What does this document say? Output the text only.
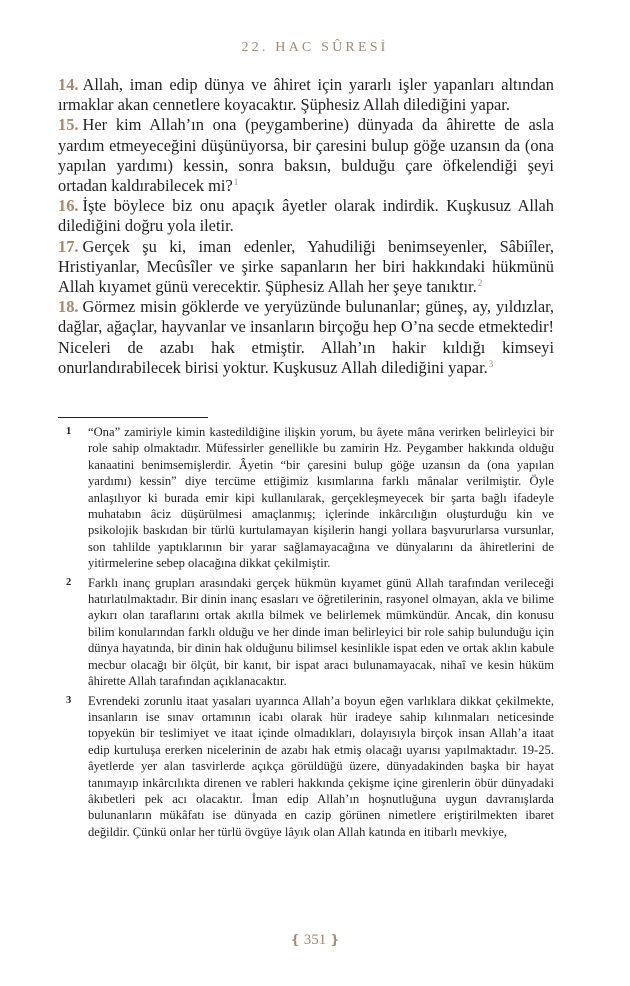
22. HAC SÛRESİ

14. Allah, iman edip dünya ve âhiret için yararlı işler yapanları altından ırmaklar akan cennetlere koyacaktır. Şüphesiz Allah dilediğini yapar.

15. Her kim Allah’ın ona (peygamberine) dünyada da âhirette de asla yardım etmeyeceğini düşünüyorsa, bir çaresini bulup göğe uzansın da (ona yapılan yardımı) kessin, sonra baksın, bulduğu çare öfkelendiği şeyi ortadan kaldırabilecek mi?$^1$

16. İşte böylece biz onu apaçık âyetler olarak indirdik. Kuşkusuz Allah dilediğini doğru yola iletir.

17. Gerçek şu ki, iman edenler, Yahudiliği benimseyenler, Sâbiîler, Hristiyanlar, Mecûsîler ve şirke sapanların her biri hakkındaki hükmünü Allah kıyamet günü verecektir. Şüphesiz Allah her şeye tanıktır.$^2$

18. Görmez misin göklerde ve yeryüzünde bulunanlar; güneş, ay, yıldızlar, dağlar, ağaçlar, hayvanlar ve insanların birçoğu hep O’na secde etmektedir! Niceleri de azabı hak etmiştir. Allah’ın hakir kıldığı kimseyi onurlandırabilecek birisi yoktur. Kuşkusuz Allah dilediğini yapar.$^3$

1 “Ona” zamiriyle kimin kastedildiğine ilişkin yorum, bu âyete mâna verirken belirleyici bir role sahip olmaktadır. Müfessirler genellikle bu zamirin Hz. Peygamber hakkında olduğu kanaatini benimsemişlerdir. Âyetin “bir çaresini bulup göğe uzansın da (ona yapılan yardımı) kessin” diye tercüme ettiğimiz kısımlarına farklı mânalar verilmiştir. Öyle anlaşılıyor ki burada emir kipi kullanılarak, gerçekleşmeyecek bir şarta bağlı ifadeyle muhatabın âciz düşürülmesi amaçlanmış; içlerinde inkârcılığın oluşturduğu kin ve psikolojik baskıdan bir türlü kurtulamayan kişilerin hangi yollara başvururlarsa vursunlar, son tahlilde yaptıklarının bir yarar sağlamayacağına ve dünyalarını da âhiretlerini de yitirmelerine sebep olacağına dikkat çekilmiştir.

2 Farklı inanç grupları arasındaki gerçek hükmün kıyamet günü Allah tarafından verileceği hatırlatılmaktadır. Bir dinin inanç esasları ve öğretilerinin, rasyonel olmayan, akla ve bilime aykırı olan taraflarını ortak akılla bilmek ve belirlemek mümkündür. Ancak, din konusu bilim konularından farklı olduğu ve her dinde iman belirleyici bir role sahip bulunduğu için dünya hayatında, bir dinin hak olduğunu bilimsel kesinlikle ispat eden ve ortak aklın kabule mecbur olacağı bir ölçüt, bir kanıt, bir ispat aracı bulunamayacak, nihaî ve kesin hüküm âhirette Allah tarafından açıklanacaktır.

3 Evrendeki zorunlu itaat yasaları uyarınca Allah’a boyun eğen varlıklara dikkat çekilmekte, insanların ise sınav ortamının icabı olarak hür iradeye sahip kılınmaları neticesinde topyekün bir teslimiyet ve itaat içinde olmadıkları, dolayısıyla birçok insan Allah’a itaat edip kurtuluşa ererken nicelerinin de azabı hak etmiş olacağı uyarısı yapılmaktadır. 19-25. âyetlerde yer alan tasvirlerde açıkça görüldüğü üzere, dünyadakinden başka bir hayat tanımayıp inkârcılıkta direnen ve rableri hakkında çekişme içine girenlerin öbür dünyadaki âkıbetleri pek acı olacaktır. İman edip Allah’ın hoşnutluğuna uygun davranışlarda bulunanların mükâfatı ise dünyada en cazip görünen nimetlere eriştirilmekten ibaret değildir. Çünkü onlar her türlü övgüye lâyık olan Allah katında en itibarlı mevkiye,

❴ 351 ❵
